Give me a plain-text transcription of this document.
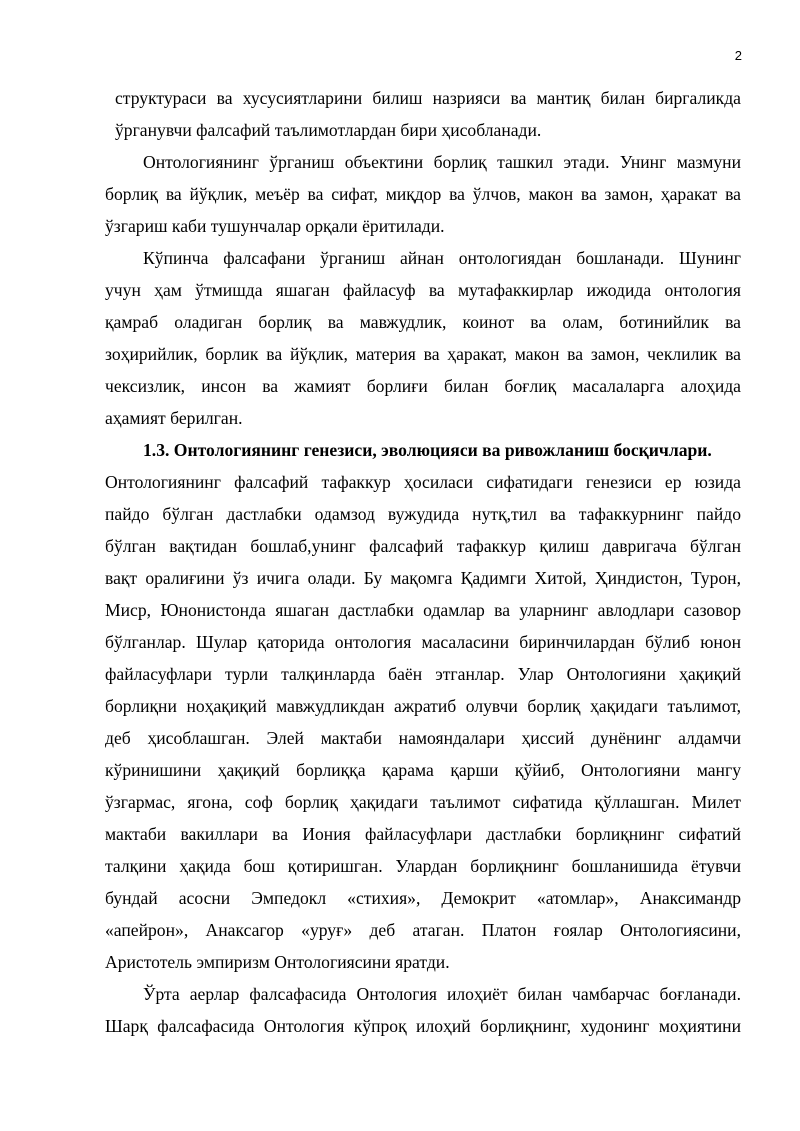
2
структураси ва хусусиятларини билиш назрияси ва мантиқ билан биргаликда
ўрганувчи фалсафий таълимотлардан бири ҳисобланади.
Онтологиянинг ўрганиш объектини борлиқ ташкил этади. Унинг мазмуни
борлиқ ва йўқлик, меъёр ва сифат, миқдор ва ўлчов, макон ва замон, ҳаракат ва
ўзгариш каби тушунчалар орқали ёритилади.
Кўпинча фалсафани ўрганиш айнан онтологиядан бошланади. Шунинг
учун ҳам ўтмишда яшаган файласуф ва мутафаккирлар ижодида онтология
қамраб оладиган борлиқ ва мавжудлик, коинот ва олам, ботинийлик ва
зоҳирийлик, борлик ва йўқлик, материя ва ҳаракат, макон ва замон, чеклилик ва
чексизлик, инсон ва жамият борлиғи билан боғлиқ масалаларга алоҳида
аҳамият берилган.
1.3. Онтологиянинг генезиси, эволюцияси ва ривожланиш босқичлари.
Онтологиянинг фалсафий тафаккур ҳосиласи сифатидаги генезиси ер юзида
пайдо бўлган дастлабки одамзод вужудида нутқ,тил ва тафаккурнинг пайдо
бўлган вақтидан бошлаб,унинг фалсафий тафаккур қилиш давригача бўлган
вақт оралиғини ўз ичига олади. Бу мақомга Қадимги Хитой, Ҳиндистон, Турон,
Миср, Юнонистонда яшаган дастлабки одамлар ва уларнинг авлодлари сазовор
бўлганлар. Шулар қаторида онтология масаласини биринчилардан бўлиб юнон
файласуфлари турли талқинларда баён этганлар. Улар Онтологияни ҳақиқий
борлиқни ноҳақиқий мавжудликдан ажратиб олувчи борлиқ ҳақидаги таълимот,
деб ҳисоблашган. Элей мактаби намояндалари ҳиссий дунёнинг алдамчи
кўринишини ҳақиқий борлиққа қарама қарши қўйиб, Онтологияни мангу
ўзгармас, ягона, соф борлиқ ҳақидаги таълимот сифатида қўллашган. Милет
мактаби вакиллари ва Иония файласуфлари дастлабки борлиқнинг сифатий
талқини ҳақида бош қотиришган. Улардан борлиқнинг бошланишида ётувчи
бундай асосни Эмпедокл «стихия», Демокрит «атомлар», Анаксимандр
«апейрон», Анаксагор «уруғ» деб атаган. Платон ғоялар Онтологиясини,
Аристотель эмпиризм Онтологиясини яратди.
Ўрта аерлар фалсафасида Онтология илоҳиёт билан чамбарчас боғланади.
Шарқ фалсафасида Онтология кўпроқ илоҳий борлиқнинг, худонинг моҳиятини
